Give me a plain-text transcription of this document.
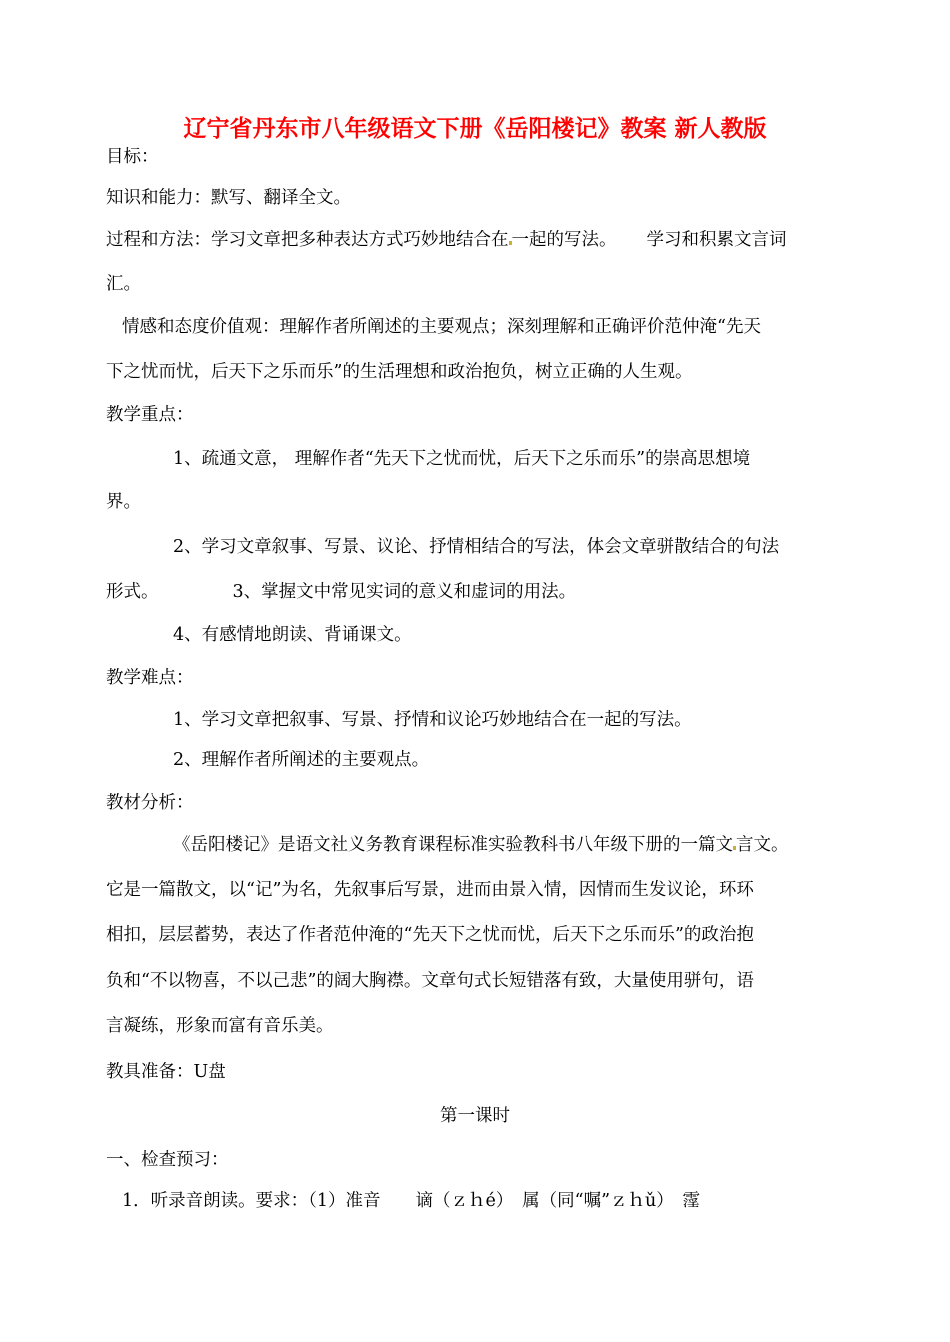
辽宁省丹东市八年级语文下册《岳阳楼记》教案 新人教版
目标：
知识和能力：默写、翻译全文。
过程和方法：学习文章把多种表达方式巧妙地结合在 一起的写法。 学习和积累文言词
汇。
情感和态度价值观：理解作者所阐述的主要观点；深刻理解和正确评价范仲淹“先天
下之忧而忧，后天下之乐而乐”的生活理想和政治抱负，树立正确的人生观。
教学重点：
1、疏通文意， 理解作者“先天下之忧而忧，后天下之乐而乐”的崇高思想境
界。
2、学习文章叙事、写景、议论、抒情相结合的写法，体会文章骈散结合的句法
形式。	3、掌握文中常见实词的意义和虚词的用法。
4、有感情地朗读、背诵课文。
教学难点：
1、学习文章把叙事、写景、抒情和议论巧妙地结合在一起的写法。
2、理解作者所阐述的主要观点。
教材分析：
《岳阳楼记》是语文社义务教育课程标准实验教科书八年级下册的一篇文 言文。
它是一篇散文，以“记”为名，先叙事后写景，进而由景入情，因情而生发议论，环环
相扣，层层蓄势，表达了作者范仲淹的“先天下之忧而忧，后天下之乐而乐”的政治抱
负和“不以物喜，不以己悲”的阔大胸襟。文章句式长短错落有致，大量使用骈句，语
言凝练，形象而富有音乐美。
教具准备：U盘
第一课时
一、检查预习：
1．听录音朗读。要求：（1）准音　　谪（ｚｈé）　属（同“嘱”ｚｈǔ）　霪
